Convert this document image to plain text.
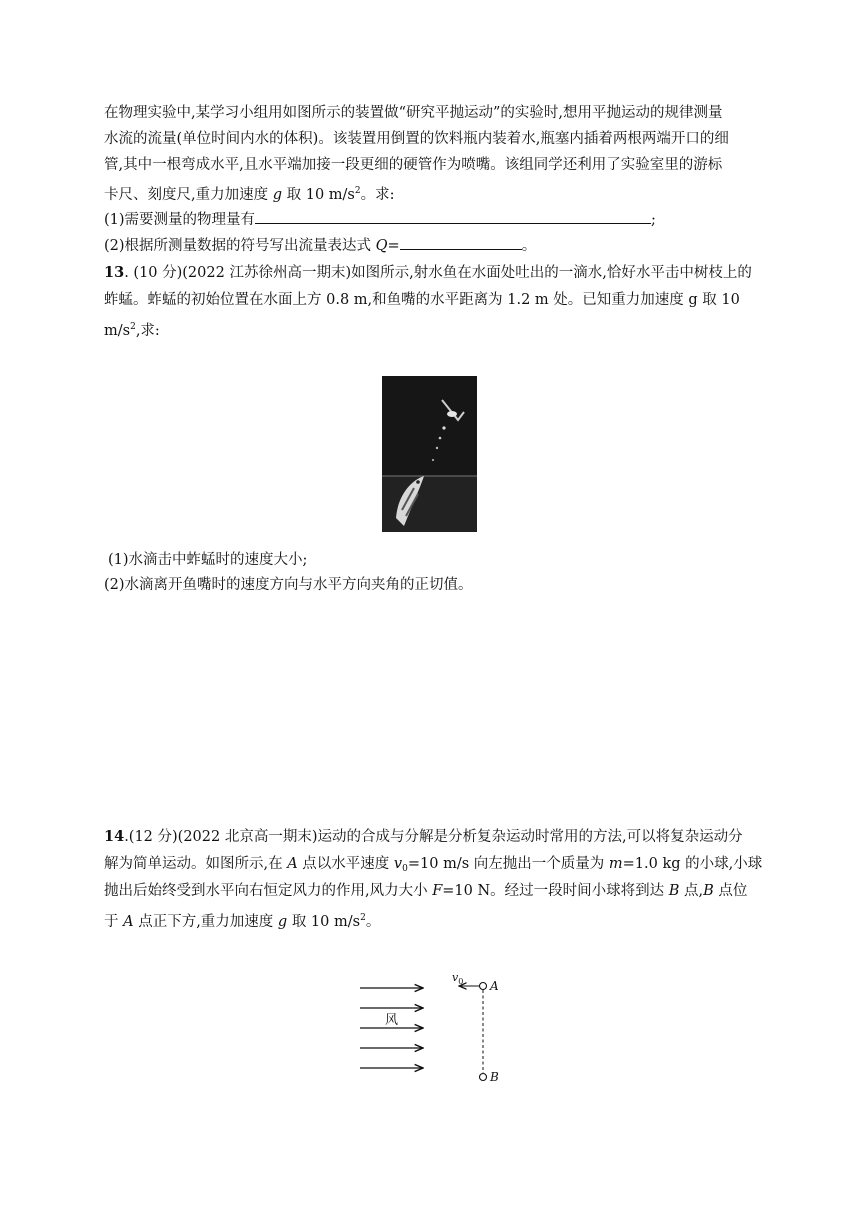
在物理实验中,某学习小组用如图所示的装置做“研究平抛运动”的实验时,想用平抛运动的规律测量
水流的流量(单位时间内水的体积)。该装置用倒置的饮料瓶内装着水,瓶塞内插着两根两端开口的细
管,其中一根弯成水平,且水平端加接一段更细的硬管作为喷嘴。该组同学还利用了实验室里的游标
卡尺、刻度尺,重力加速度 g 取 10 $m/s^2$。求:
(1)需要测量的物理量有	;
(2)根据所测量数据的符号写出流量表达式 Q=	。
13. (10 分)(2022 江苏徐州高一期末)如图所示,射水鱼在水面处吐出的一滴水,恰好水平击中树枝上的
蚱蜢。蚱蜢的初始位置在水面上方 0.8 m,和鱼嘴的水平距离为 1.2 m 处。已知重力加速度 g 取 10
$m/s^2$,求:
(1)水滴击中蚱蜢时的速度大小;
(2)水滴离开鱼嘴时的速度方向与水平方向夹角的正切值。
14.(12 分)(2022 北京高一期末)运动的合成与分解是分析复杂运动时常用的方法,可以将复杂运动分
解为简单运动。如图所示,在 A 点以水平速度 $v_0=10$ m/s 向左抛出一个质量为 m=1.0 kg 的小球,小球
抛出后始终受到水平向右恒定风力的作用,风力大小 F=10 N。经过一段时间小球将到达 B 点,B 点位
于 A 点正下方,重力加速度 g 取 10 $m/s^2$。
风
$v_0$ A
B
